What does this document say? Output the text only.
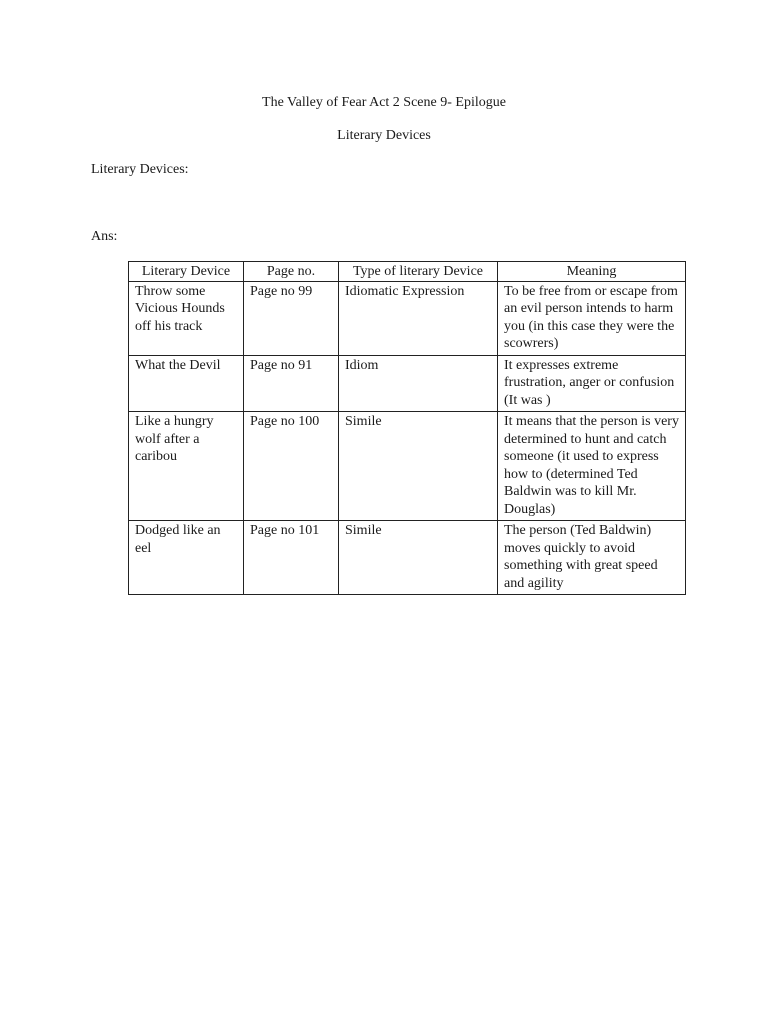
The Valley of Fear Act 2 Scene 9- Epilogue
Literary Devices

Literary Devices:

Ans:

Literary Device	Page no.	Type of literary Device	Meaning
Throw some Vicious Hounds off his track	Page no 99	Idiomatic Expression	To be free from or escape from an evil person intends to harm you (in this case they were the scowrers)
What the Devil	Page no 91	Idiom	It expresses extreme frustration, anger or confusion (It was )
Like a hungry wolf after a caribou	Page no 100	Simile	It means that the person is very determined to hunt and catch someone (it used to express how to (determined Ted Baldwin was to kill Mr. Douglas)
Dodged like an eel	Page no 101	Simile	The person (Ted Baldwin) moves quickly to avoid something with great speed and agility
